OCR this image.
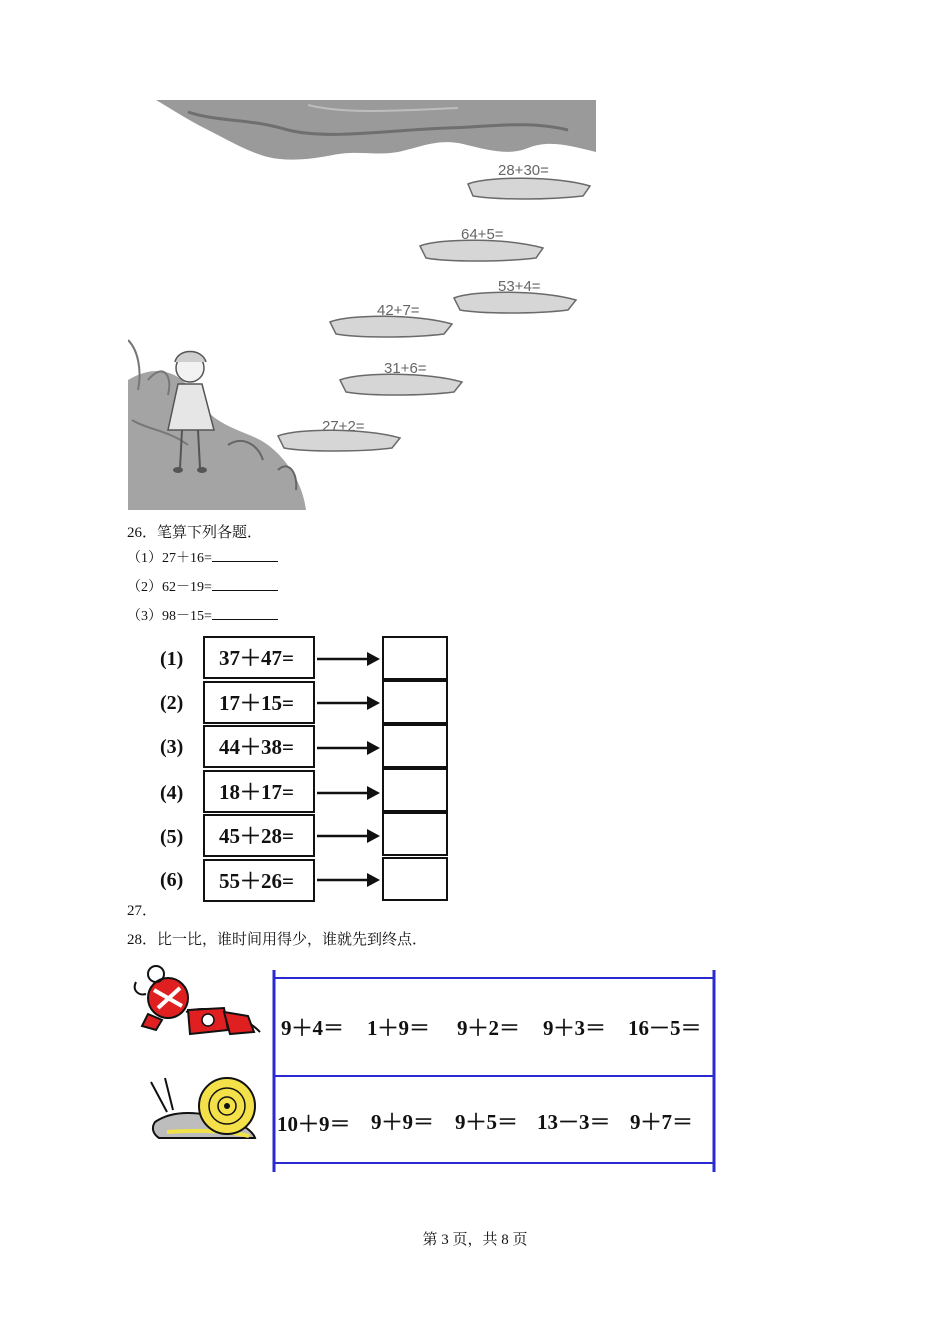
28+30=
64+5=
53+4=
42+7=
31+6=
27+2=
26．笔算下列各题．
（1）27＋16=
（2）62－19=
（3）98－15=
(1)	37＋47=
(2)	17＋15=
(3)	44＋38=
(4)	18＋17=
(5)	45＋28=
(6)	55＋26=
27．
28．比一比，谁时间用得少，谁就先到终点．
9＋4＝ 1＋9＝ 9＋2＝ 9＋3＝ 16－5＝
10＋9＝ 9＋9＝ 9＋5＝ 13－3＝ 9＋7＝
第 3 页，共 8 页
